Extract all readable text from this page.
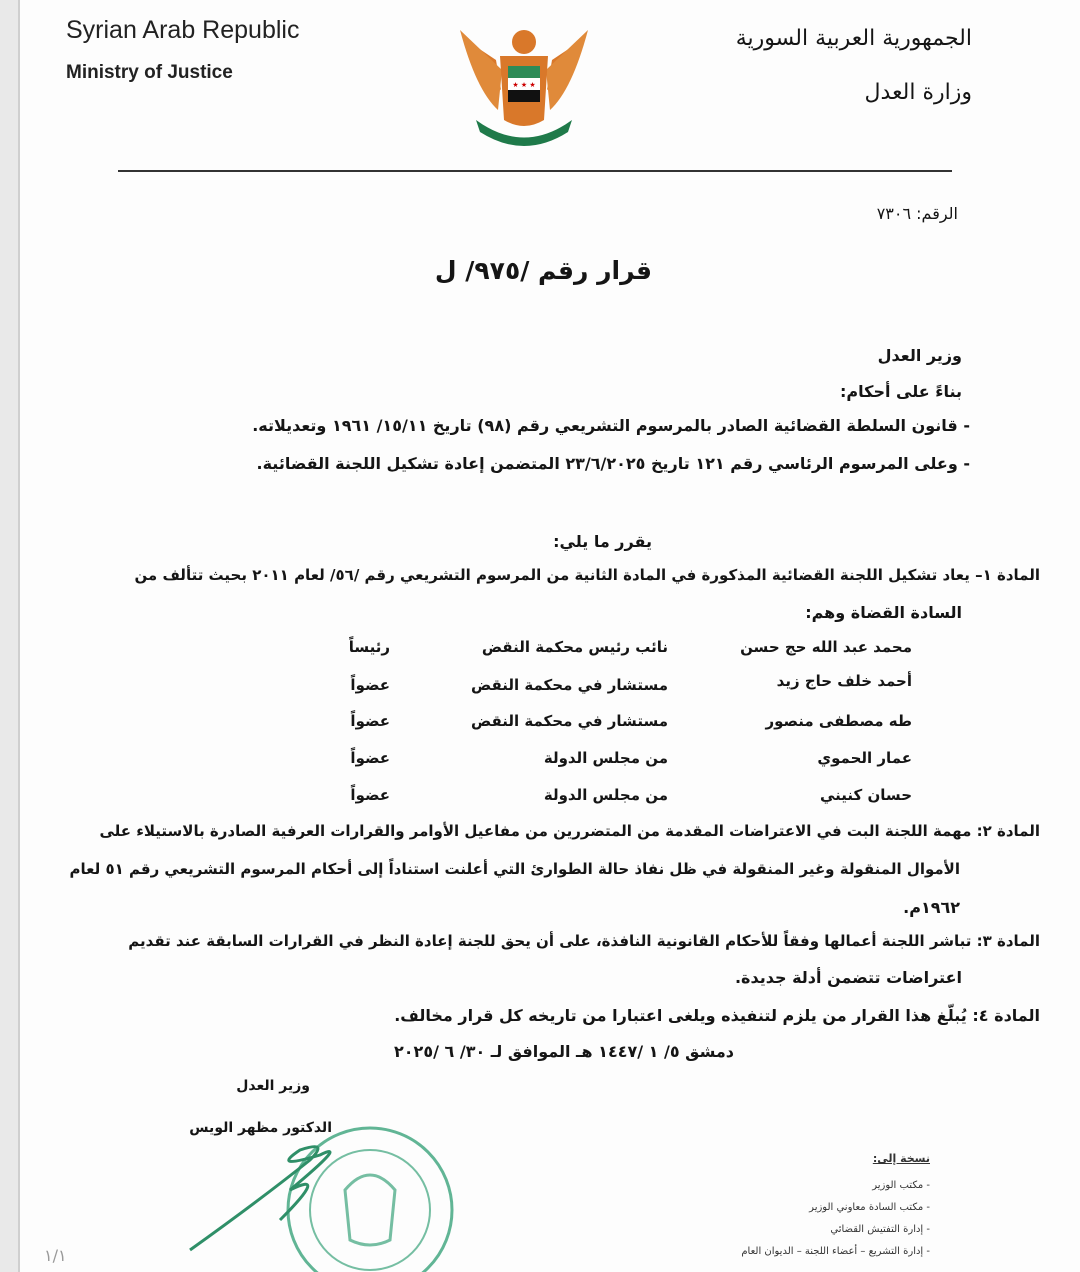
Syrian Arab Republic
Ministry of Justice
الجمهورية العربية السورية
وزارة العدل
★ ★ ★
الرقم: ٧٣٠٦
قرار رقم /٩٧٥/ ل
وزير العدل
بناءً على أحكام:
- قانون السلطة القضائية الصادر بالمرسوم التشريعي رقم (٩٨) تاريخ ١٥/١١/ ١٩٦١ وتعديلاته.
- وعلى المرسوم الرئاسي رقم ١٢١ تاريخ ٢٣/٦/٢٠٢٥ المتضمن إعادة تشكيل اللجنة القضائية.
يقرر ما يلي:
المادة ١– يعاد تشكيل اللجنة القضائية المذكورة في المادة الثانية من المرسوم التشريعي رقم /٥٦/ لعام ٢٠١١ بحيث تتألف من
السادة القضاة وهم:
محمد عبد الله حج حسن
نائب رئيس محكمة النقض
رئيساً
أحمد خلف حاج زيد
مستشار في محكمة النقض
عضواً
طه مصطفى منصور
مستشار في محكمة النقض
عضواً
عمار الحموي
من مجلس الدولة
عضواً
حسان كنيني
من مجلس الدولة
عضواً
المادة ٢: مهمة اللجنة البت في الاعتراضات المقدمة من المتضررين من مفاعيل الأوامر والقرارات العرفية الصادرة بالاستيلاء على
الأموال المنقولة وغير المنقولة في ظل نفاذ حالة الطوارئ التي أعلنت استناداً إلى أحكام المرسوم التشريعي رقم ٥١ لعام
١٩٦٢م.
المادة ٣: تباشر اللجنة أعمالها وفقاً للأحكام القانونية النافذة، على أن يحق للجنة إعادة النظر في القرارات السابقة عند تقديم
اعتراضات تتضمن أدلة جديدة.
المادة ٤: يُبلّغ هذا القرار من يلزم لتنفيذه ويلغى اعتبارا من تاريخه كل قرار مخالف.
دمشق ٥/ ١ /١٤٤٧ هـ الموافق لـ ٣٠/ ٦ /٢٠٢٥
وزير العدل
الدكتور مظهر الويس
نسخة إلى:
- مكتب الوزير
- مكتب السادة معاوني الوزير
- إدارة التفتيش القضائي
- إدارة التشريع – أعضاء اللجنة – الديوان العام
١/١
